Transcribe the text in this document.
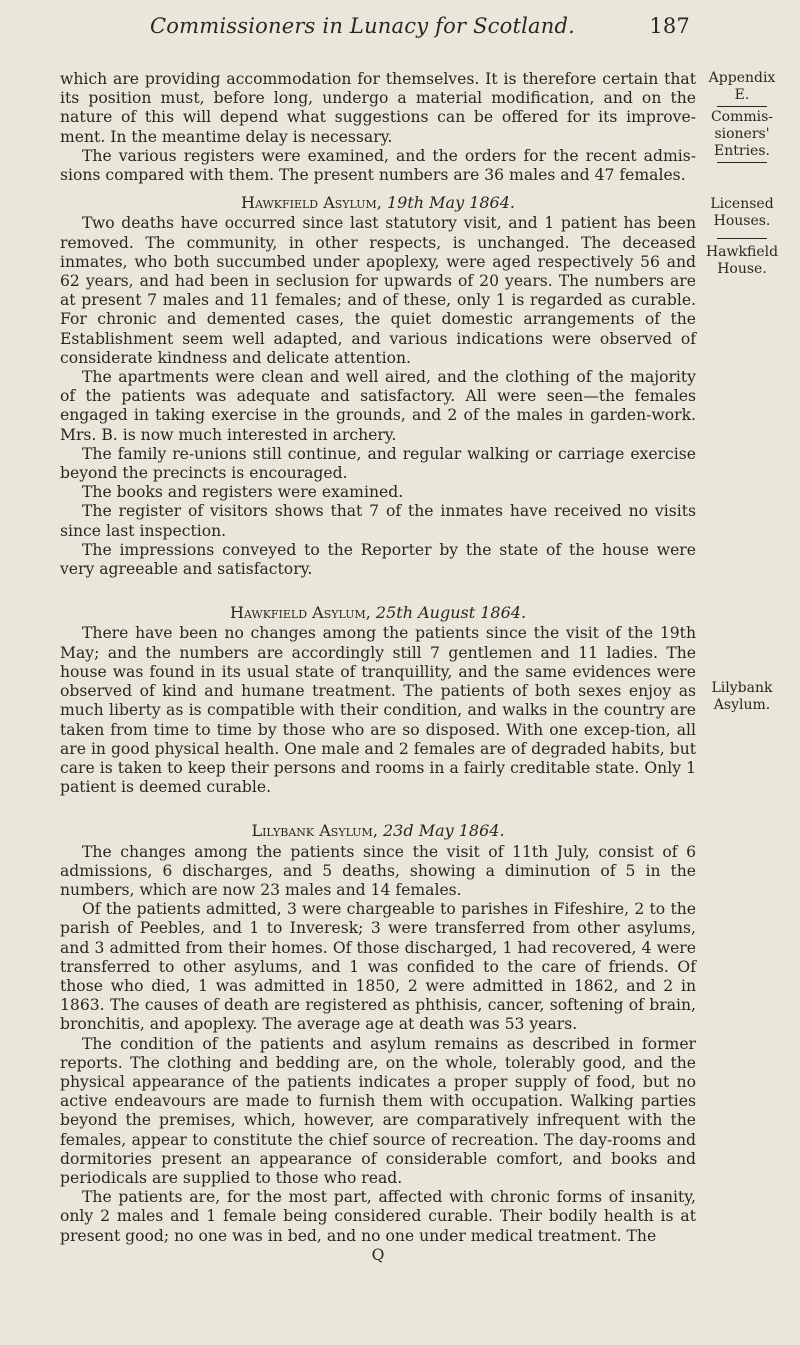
Commissioners in Lunacy for Scotland.	187
Appendix
E.
Commis-
sioners'
Entries.
Licensed
Houses.
Hawkfield
House.
Lilybank
Asylum.

which are providing accommodation for themselves. It is therefore certain that its position must, before long, undergo a material modification, and on the nature of this will depend what suggestions can be offered for its improve-ment. In the meantime delay is necessary.

The various registers were examined, and the orders for the recent admis-sions compared with them. The present numbers are 36 males and 47 females.

Hawkfield Asylum, 19th May 1864.

Two deaths have occurred since last statutory visit, and 1 patient has been removed. The community, in other respects, is unchanged. The deceased inmates, who both succumbed under apoplexy, were aged respectively 56 and 62 years, and had been in seclusion for upwards of 20 years. The numbers are at present 7 males and 11 females; and of these, only 1 is regarded as curable. For chronic and demented cases, the quiet domestic arrangements of the Establishment seem well adapted, and various indications were observed of considerate kindness and delicate attention.

The apartments were clean and well aired, and the clothing of the majority of the patients was adequate and satisfactory. All were seen—the females engaged in taking exercise in the grounds, and 2 of the males in garden-work. Mrs. B. is now much interested in archery.

The family re-unions still continue, and regular walking or carriage exercise beyond the precincts is encouraged.

The books and registers were examined.

The register of visitors shows that 7 of the inmates have received no visits since last inspection.

The impressions conveyed to the Reporter by the state of the house were very agreeable and satisfactory.

Hawkfield Asylum, 25th August 1864.

There have been no changes among the patients since the visit of the 19th May; and the numbers are accordingly still 7 gentlemen and 11 ladies. The house was found in its usual state of tranquillity, and the same evidences were observed of kind and humane treatment. The patients of both sexes enjoy as much liberty as is compatible with their condition, and walks in the country are taken from time to time by those who are so disposed. With one excep-tion, all are in good physical health. One male and 2 females are of degraded habits, but care is taken to keep their persons and rooms in a fairly creditable state. Only 1 patient is deemed curable.

Lilybank Asylum, 23d May 1864.

The changes among the patients since the visit of 11th July, consist of 6 admissions, 6 discharges, and 5 deaths, showing a diminution of 5 in the numbers, which are now 23 males and 14 females.

Of the patients admitted, 3 were chargeable to parishes in Fifeshire, 2 to the parish of Peebles, and 1 to Inveresk; 3 were transferred from other asylums, and 3 admitted from their homes. Of those discharged, 1 had recovered, 4 were transferred to other asylums, and 1 was confided to the care of friends. Of those who died, 1 was admitted in 1850, 2 were admitted in 1862, and 2 in 1863. The causes of death are registered as phthisis, cancer, softening of brain, bronchitis, and apoplexy. The average age at death was 53 years.

The condition of the patients and asylum remains as described in former reports. The clothing and bedding are, on the whole, tolerably good, and the physical appearance of the patients indicates a proper supply of food, but no active endeavours are made to furnish them with occupation. Walking parties beyond the premises, which, however, are comparatively infrequent with the females, appear to constitute the chief source of recreation. The day-rooms and dormitories present an appearance of considerable comfort, and books and periodicals are supplied to those who read.

The patients are, for the most part, affected with chronic forms of insanity, only 2 males and 1 female being considered curable. Their bodily health is at present good; no one was in bed, and no one under medical treatment. The

Q
